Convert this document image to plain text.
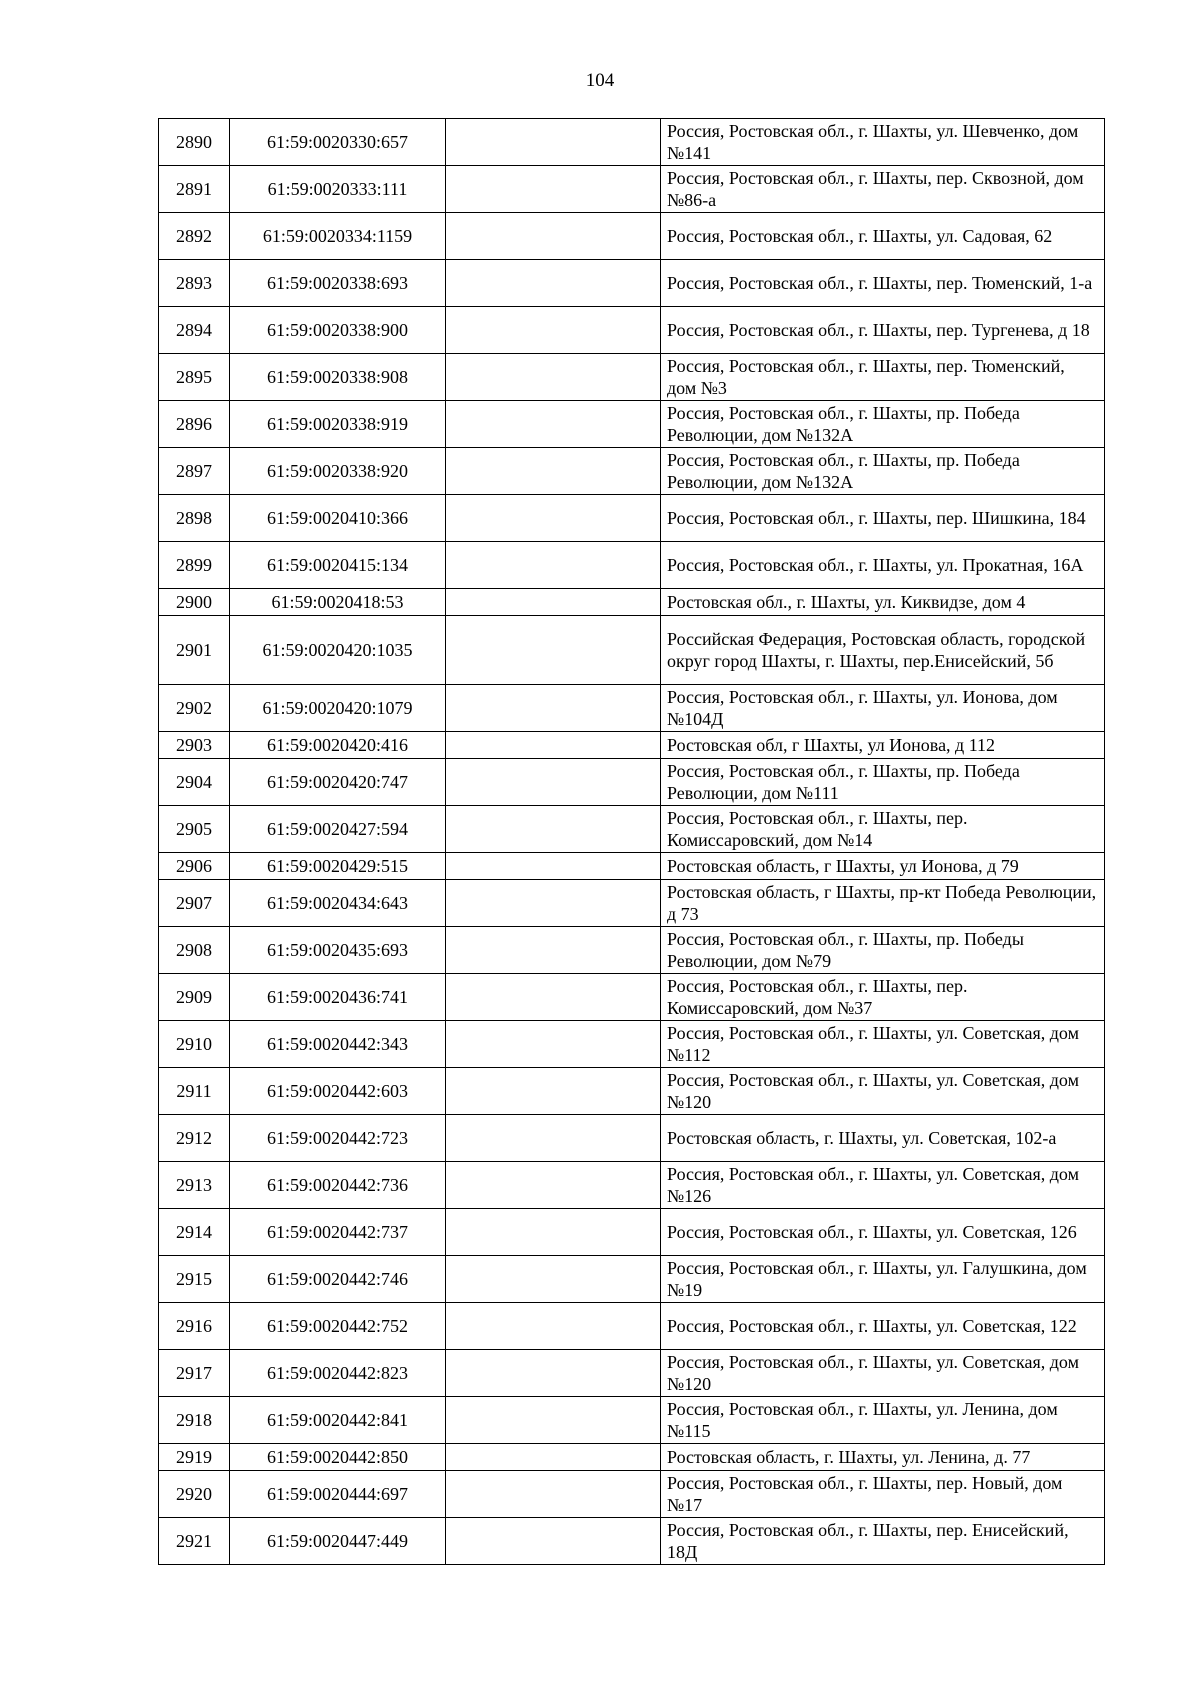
104
2890	61:59:0020330:657		Россия, Ростовская обл., г. Шахты, ул. Шевченко, дом №141
2891	61:59:0020333:111		Россия, Ростовская обл., г. Шахты, пер. Сквозной, дом №86-а
2892	61:59:0020334:1159		Россия, Ростовская обл., г. Шахты, ул. Садовая, 62
2893	61:59:0020338:693		Россия, Ростовская обл., г. Шахты, пер. Тюменский, 1-а
2894	61:59:0020338:900		Россия, Ростовская обл., г. Шахты, пер. Тургенева, д 18
2895	61:59:0020338:908		Россия, Ростовская обл., г. Шахты, пер. Тюменский, дом №3
2896	61:59:0020338:919		Россия, Ростовская обл., г. Шахты, пр. Победа Революции, дом №132А
2897	61:59:0020338:920		Россия, Ростовская обл., г. Шахты, пр. Победа Революции, дом №132А
2898	61:59:0020410:366		Россия, Ростовская обл., г. Шахты, пер. Шишкина, 184
2899	61:59:0020415:134		Россия, Ростовская обл., г. Шахты, ул. Прокатная, 16А
2900	61:59:0020418:53		Ростовская обл., г. Шахты, ул. Киквидзе, дом 4
2901	61:59:0020420:1035		Российская Федерация, Ростовская область, городской округ город Шахты, г. Шахты, пер.Енисейский, 5б
2902	61:59:0020420:1079		Россия, Ростовская обл., г. Шахты, ул. Ионова, дом №104Д
2903	61:59:0020420:416		Ростовская обл, г Шахты, ул Ионова, д 112
2904	61:59:0020420:747		Россия, Ростовская обл., г. Шахты, пр. Победа Революции, дом №111
2905	61:59:0020427:594		Россия, Ростовская обл., г. Шахты, пер. Комиссаровский, дом №14
2906	61:59:0020429:515		Ростовская область, г Шахты, ул Ионова, д 79
2907	61:59:0020434:643		Ростовская область, г Шахты, пр-кт Победа Революции, д 73
2908	61:59:0020435:693		Россия, Ростовская обл., г. Шахты, пр. Победы Революции, дом №79
2909	61:59:0020436:741		Россия, Ростовская обл., г. Шахты, пер. Комиссаровский, дом №37
2910	61:59:0020442:343		Россия, Ростовская обл., г. Шахты, ул. Советская, дом №112
2911	61:59:0020442:603		Россия, Ростовская обл., г. Шахты, ул. Советская, дом №120
2912	61:59:0020442:723		Ростовская область, г. Шахты, ул. Советская, 102-а
2913	61:59:0020442:736		Россия, Ростовская обл., г. Шахты, ул. Советская, дом №126
2914	61:59:0020442:737		Россия, Ростовская обл., г. Шахты, ул. Советская, 126
2915	61:59:0020442:746		Россия, Ростовская обл., г. Шахты, ул. Галушкина, дом №19
2916	61:59:0020442:752		Россия, Ростовская обл., г. Шахты, ул. Советская, 122
2917	61:59:0020442:823		Россия, Ростовская обл., г. Шахты, ул. Советская, дом №120
2918	61:59:0020442:841		Россия, Ростовская обл., г. Шахты, ул. Ленина, дом №115
2919	61:59:0020442:850		Ростовская область, г. Шахты, ул. Ленина, д. 77
2920	61:59:0020444:697		Россия, Ростовская обл., г. Шахты, пер. Новый, дом №17
2921	61:59:0020447:449		Россия, Ростовская обл., г. Шахты, пер. Енисейский, 18Д
